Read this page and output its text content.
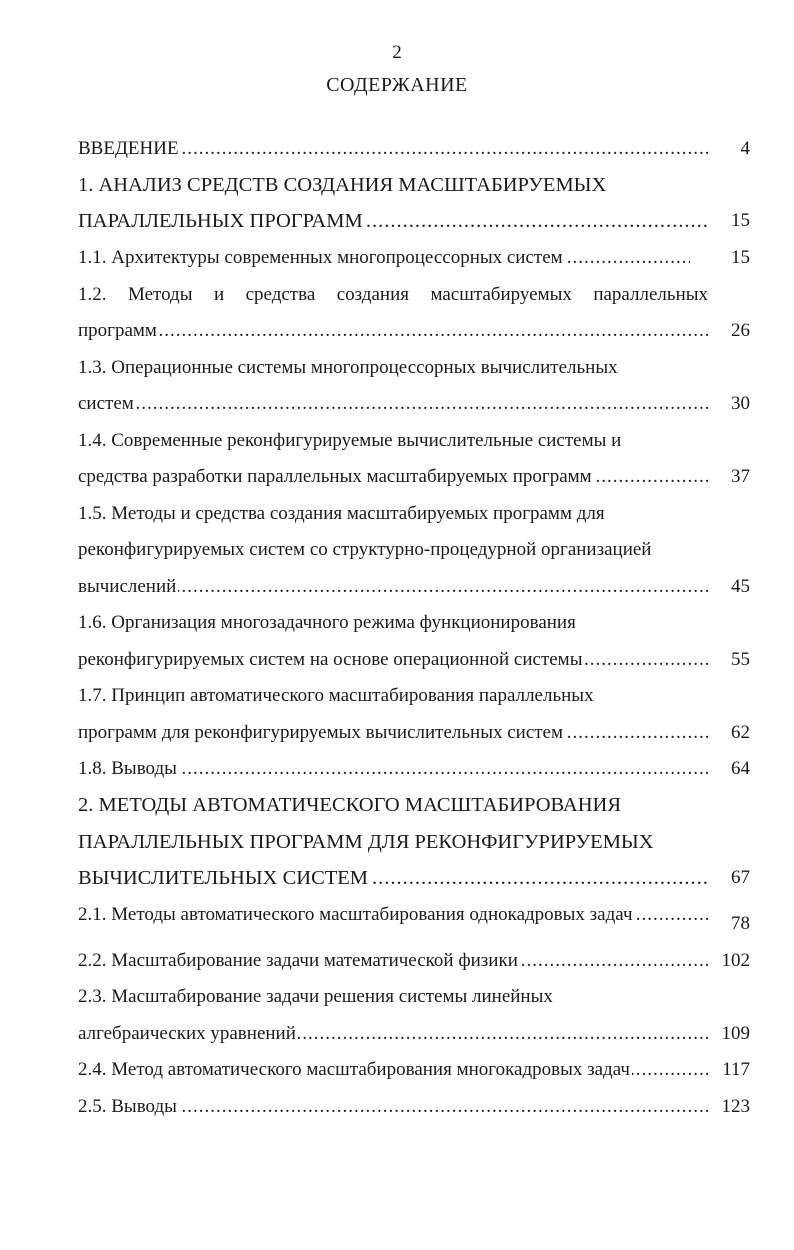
2
СОДЕРЖАНИЕ
ВВЕДЕНИЕ .....	4
1. АНАЛИЗ СРЕДСТВ СОЗДАНИЯ МАСШТАБИРУЕМЫХ
ПАРАЛЛЕЛЬНЫХ ПРОГРАММ .....	15
1.1. Архитектуры современных многопроцессорных систем .....	15
1.2. Методы и средства создания масштабируемых параллельных
программ .....	26
1.3. Операционные системы многопроцессорных вычислительных
систем .....	30
1.4. Современные реконфигурируемые вычислительные системы и
средства разработки параллельных масштабируемых программ .....	37
1.5. Методы и средства создания масштабируемых программ для
реконфигурируемых систем со структурно-процедурной организацией
вычислений .....	45
1.6. Организация многозадачного режима функционирования
реконфигурируемых систем на основе операционной системы .....	55
1.7. Принцип автоматического масштабирования параллельных
программ для реконфигурируемых вычислительных систем .....	62
1.8. Выводы .....	64
2. МЕТОДЫ АВТОМАТИЧЕСКОГО МАСШТАБИРОВАНИЯ
ПАРАЛЛЕЛЬНЫХ ПРОГРАММ ДЛЯ РЕКОНФИГУРИРУЕМЫХ
ВЫЧИСЛИТЕЛЬНЫХ СИСТЕМ .....	67
2.1. Методы автоматического масштабирования однокадровых задач .....	78
2.2. Масштабирование задачи математической физики .....	102
2.3. Масштабирование задачи решения системы линейных
алгебраических уравнений .....	109
2.4. Метод автоматического масштабирования многокадровых задач .....	117
2.5. Выводы .....	123
